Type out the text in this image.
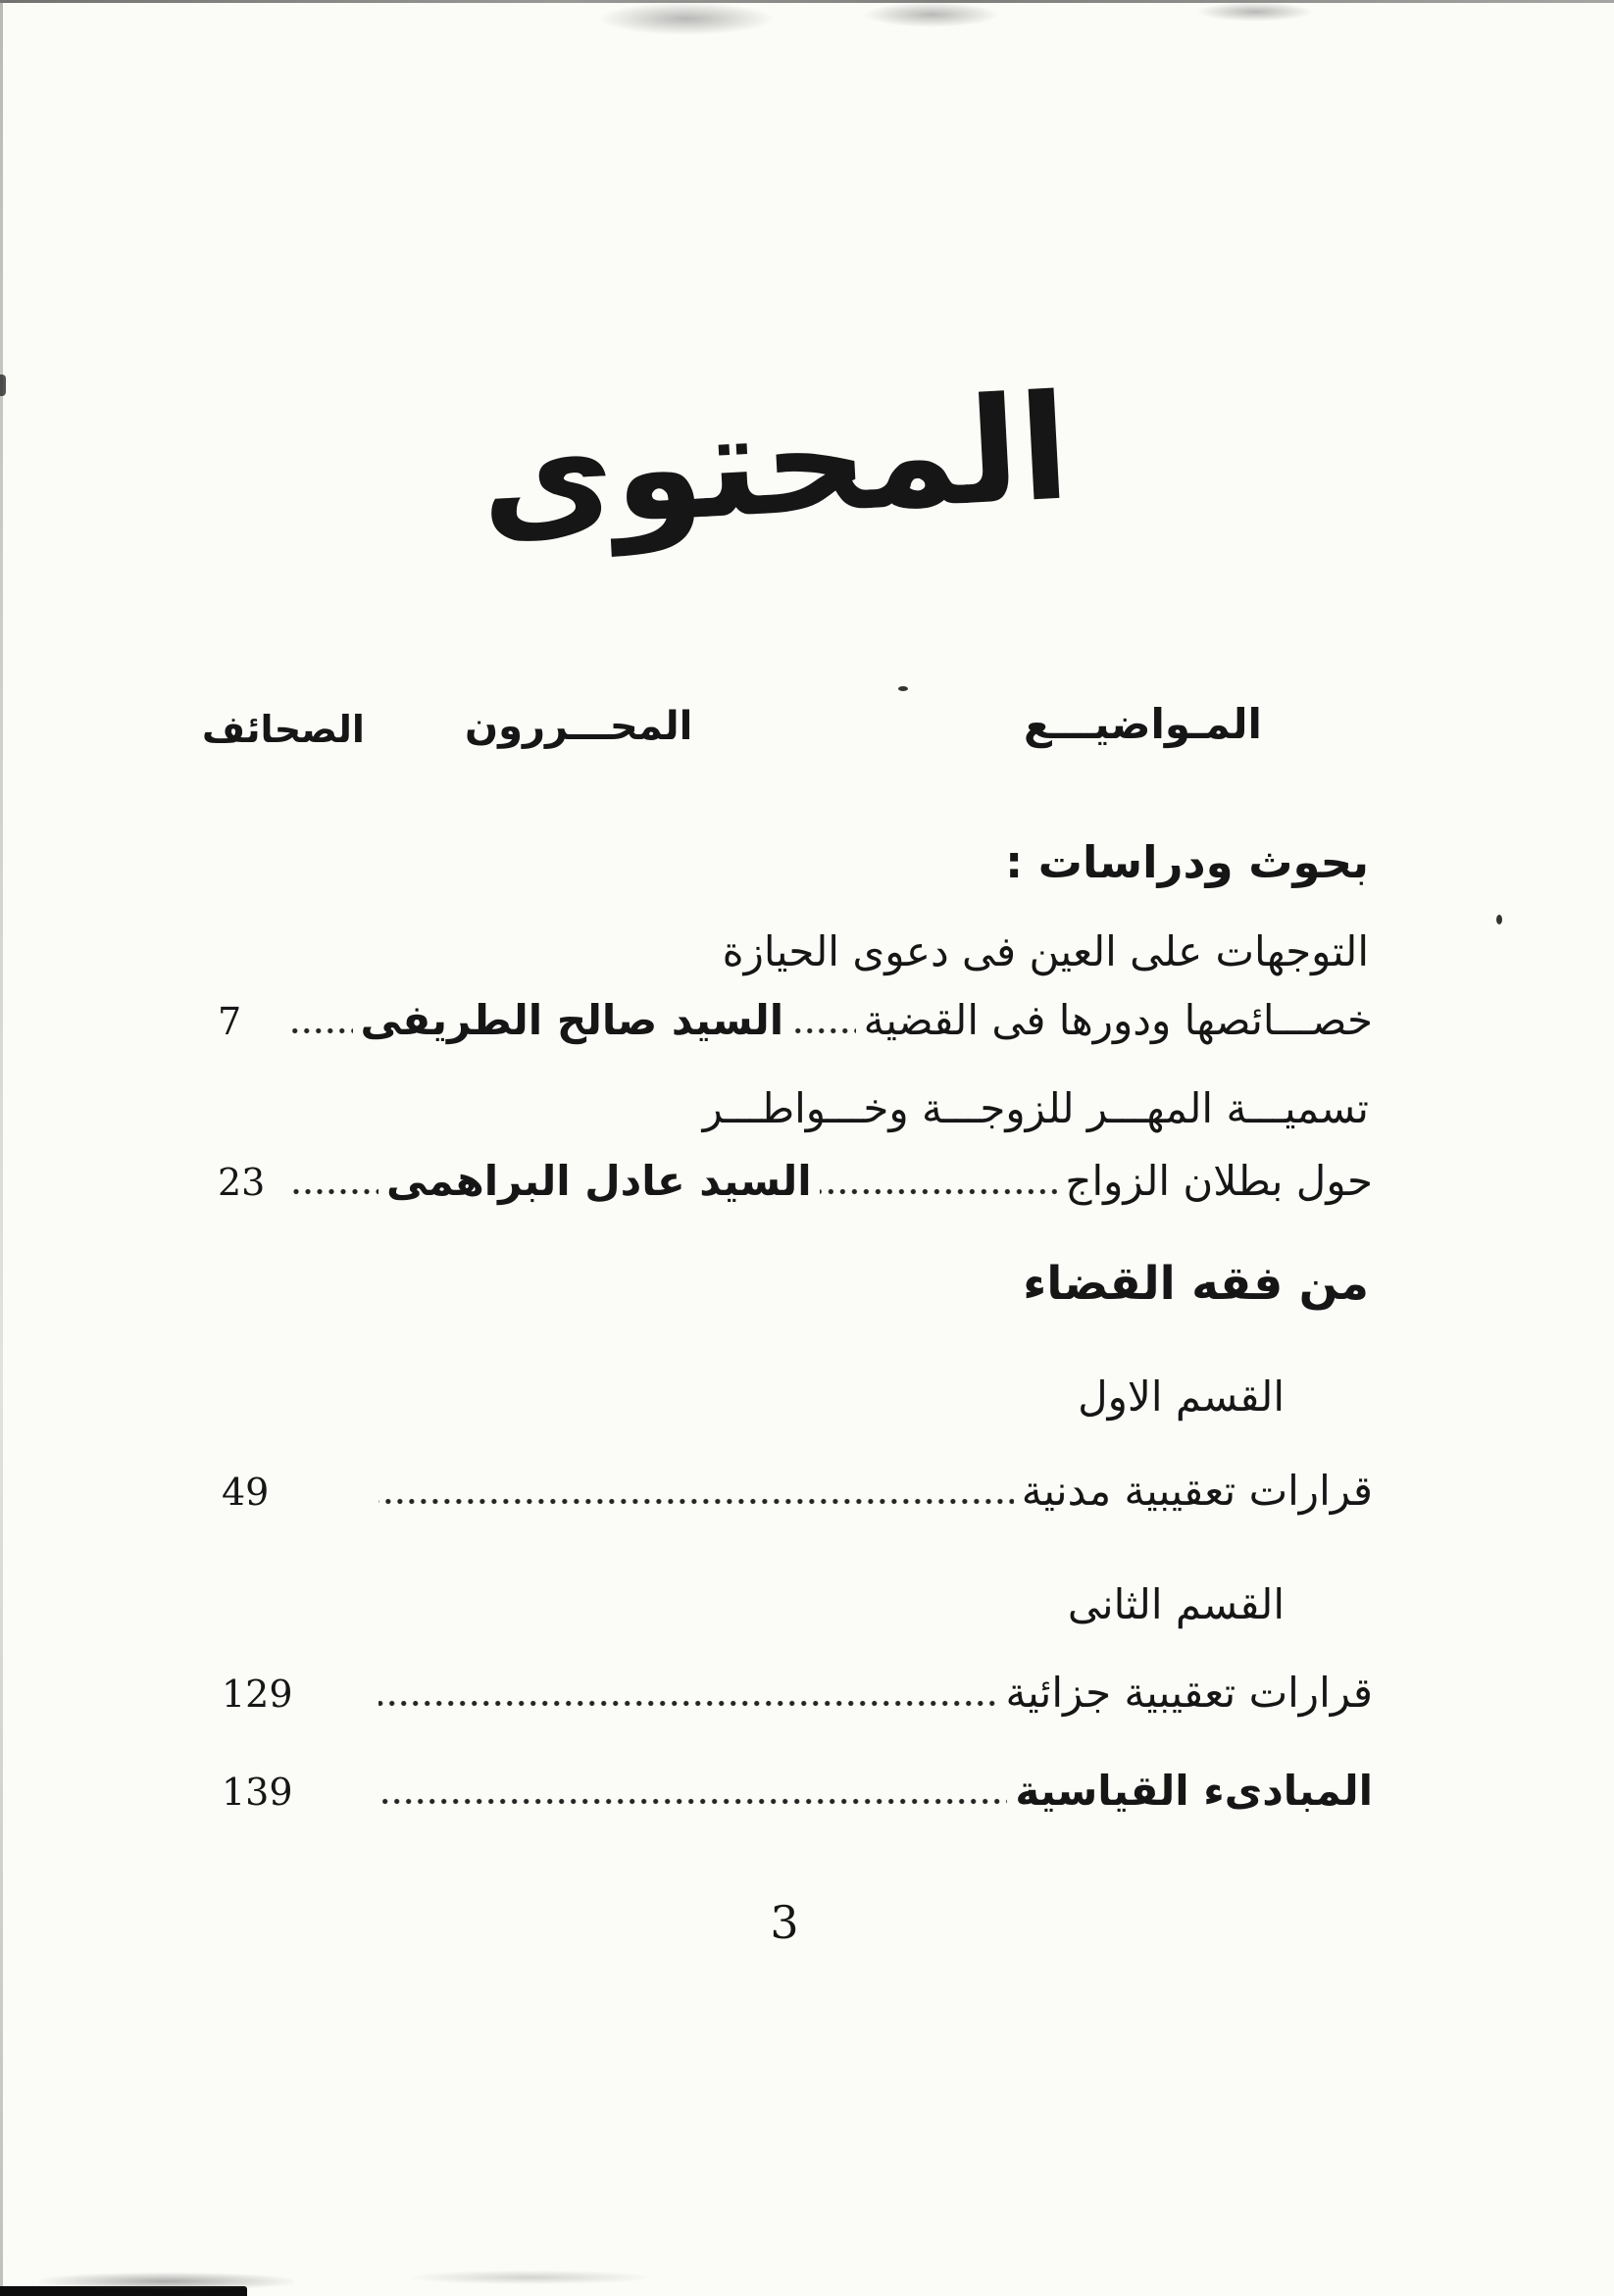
المحتوى
الصحائف	المحـــررون	المـواضيـــع
بحوث ودراسات :
التوجهات على العين فى دعوى الحيازة
خصـــائصها ودورها فى القضية
السيد صالح الطريفى
7
تسميـــة المهـــر للزوجـــة وخـــواطـــر
حول بطلان الزواج
السيد عادل البراهمى
23
من فقه القضاء
القسم الاول
قرارات تعقيبية مدنية
49
القسم الثانى
قرارات تعقيبية جزائية
129
المبادىء القياسية
139
3
